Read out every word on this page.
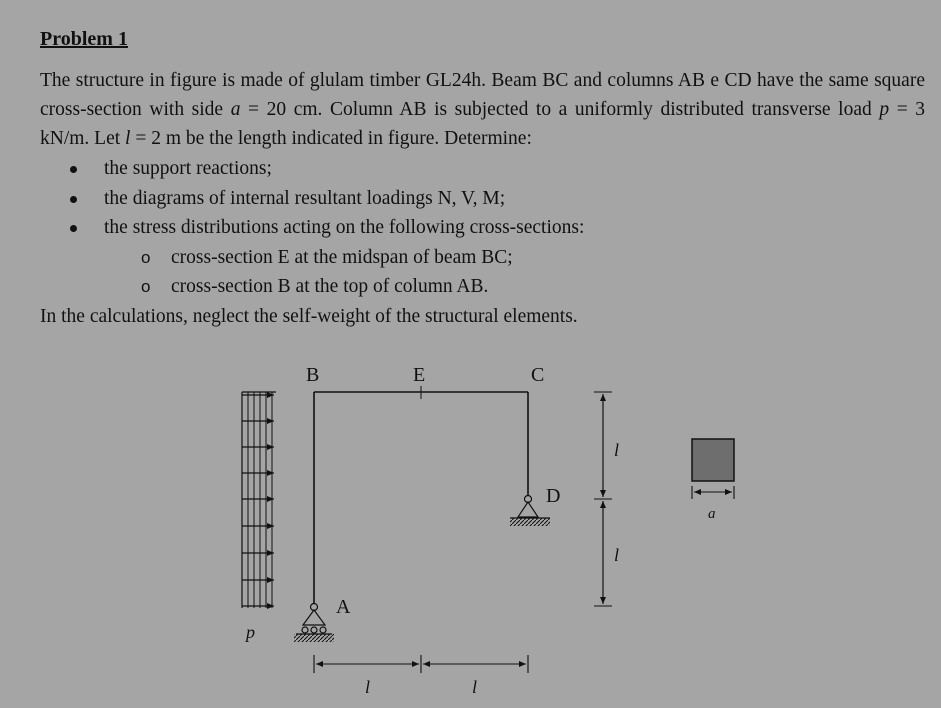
Problem 1
The structure in figure is made of glulam timber GL24h. Beam BC and columns AB e CD have the same square cross-section with side a = 20 cm. Column AB is subjected to a uniformly distributed transverse load p = 3 kN/m. Let l = 2 m be the length indicated in figure. Determine:
the support reactions;
the diagrams of internal resultant loadings N, V, M;
the stress distributions acting on the following cross-sections:
o cross-section E at the midspan of beam BC;
o cross-section B at the top of column AB.
In the calculations, neglect the self-weight of the structural elements.
p
B	E	C
D
A
l	l
l
l
a
